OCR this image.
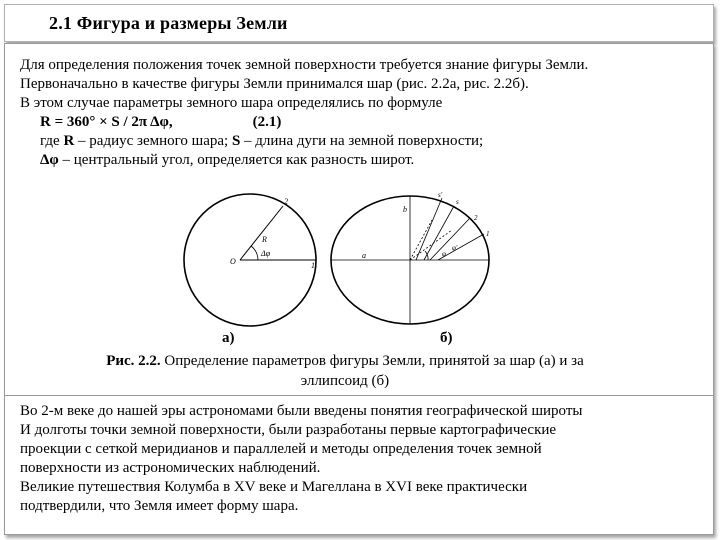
2.1 Фигура и размеры Земли
Для определения положения точек земной поверхности требуется знание фигуры Земли.
Первоначально в качестве фигуры Земли принимался шар (рис. 2.2а, рис. 2.2б).
В этом случае параметры земного шара определялись по формуле
R = 360° × S / 2π Δφ,	(2.1)
где R – радиус земного шара; S – длина дуги на земной поверхности;
Δφ – центральный угол, определяется как разность широт.
O
R
Δφ
2
1
a
b
s'
s
2
1
φ
φ'
а)	б)
Рис. 2.2. Определение параметров фигуры Земли, принятой за шар (а) и за
эллипсоид (б)
Во 2-м веке до нашей эры астрономами были введены понятия географической широты
И долготы точки земной поверхности, были разработаны первые картографические
проекции с сеткой меридианов и параллелей и методы определения точек земной
поверхности из астрономических наблюдений.
Великие путешествия Колумба в XV веке и Магеллана в XVI веке практически
подтвердили, что Земля имеет форму шара.
